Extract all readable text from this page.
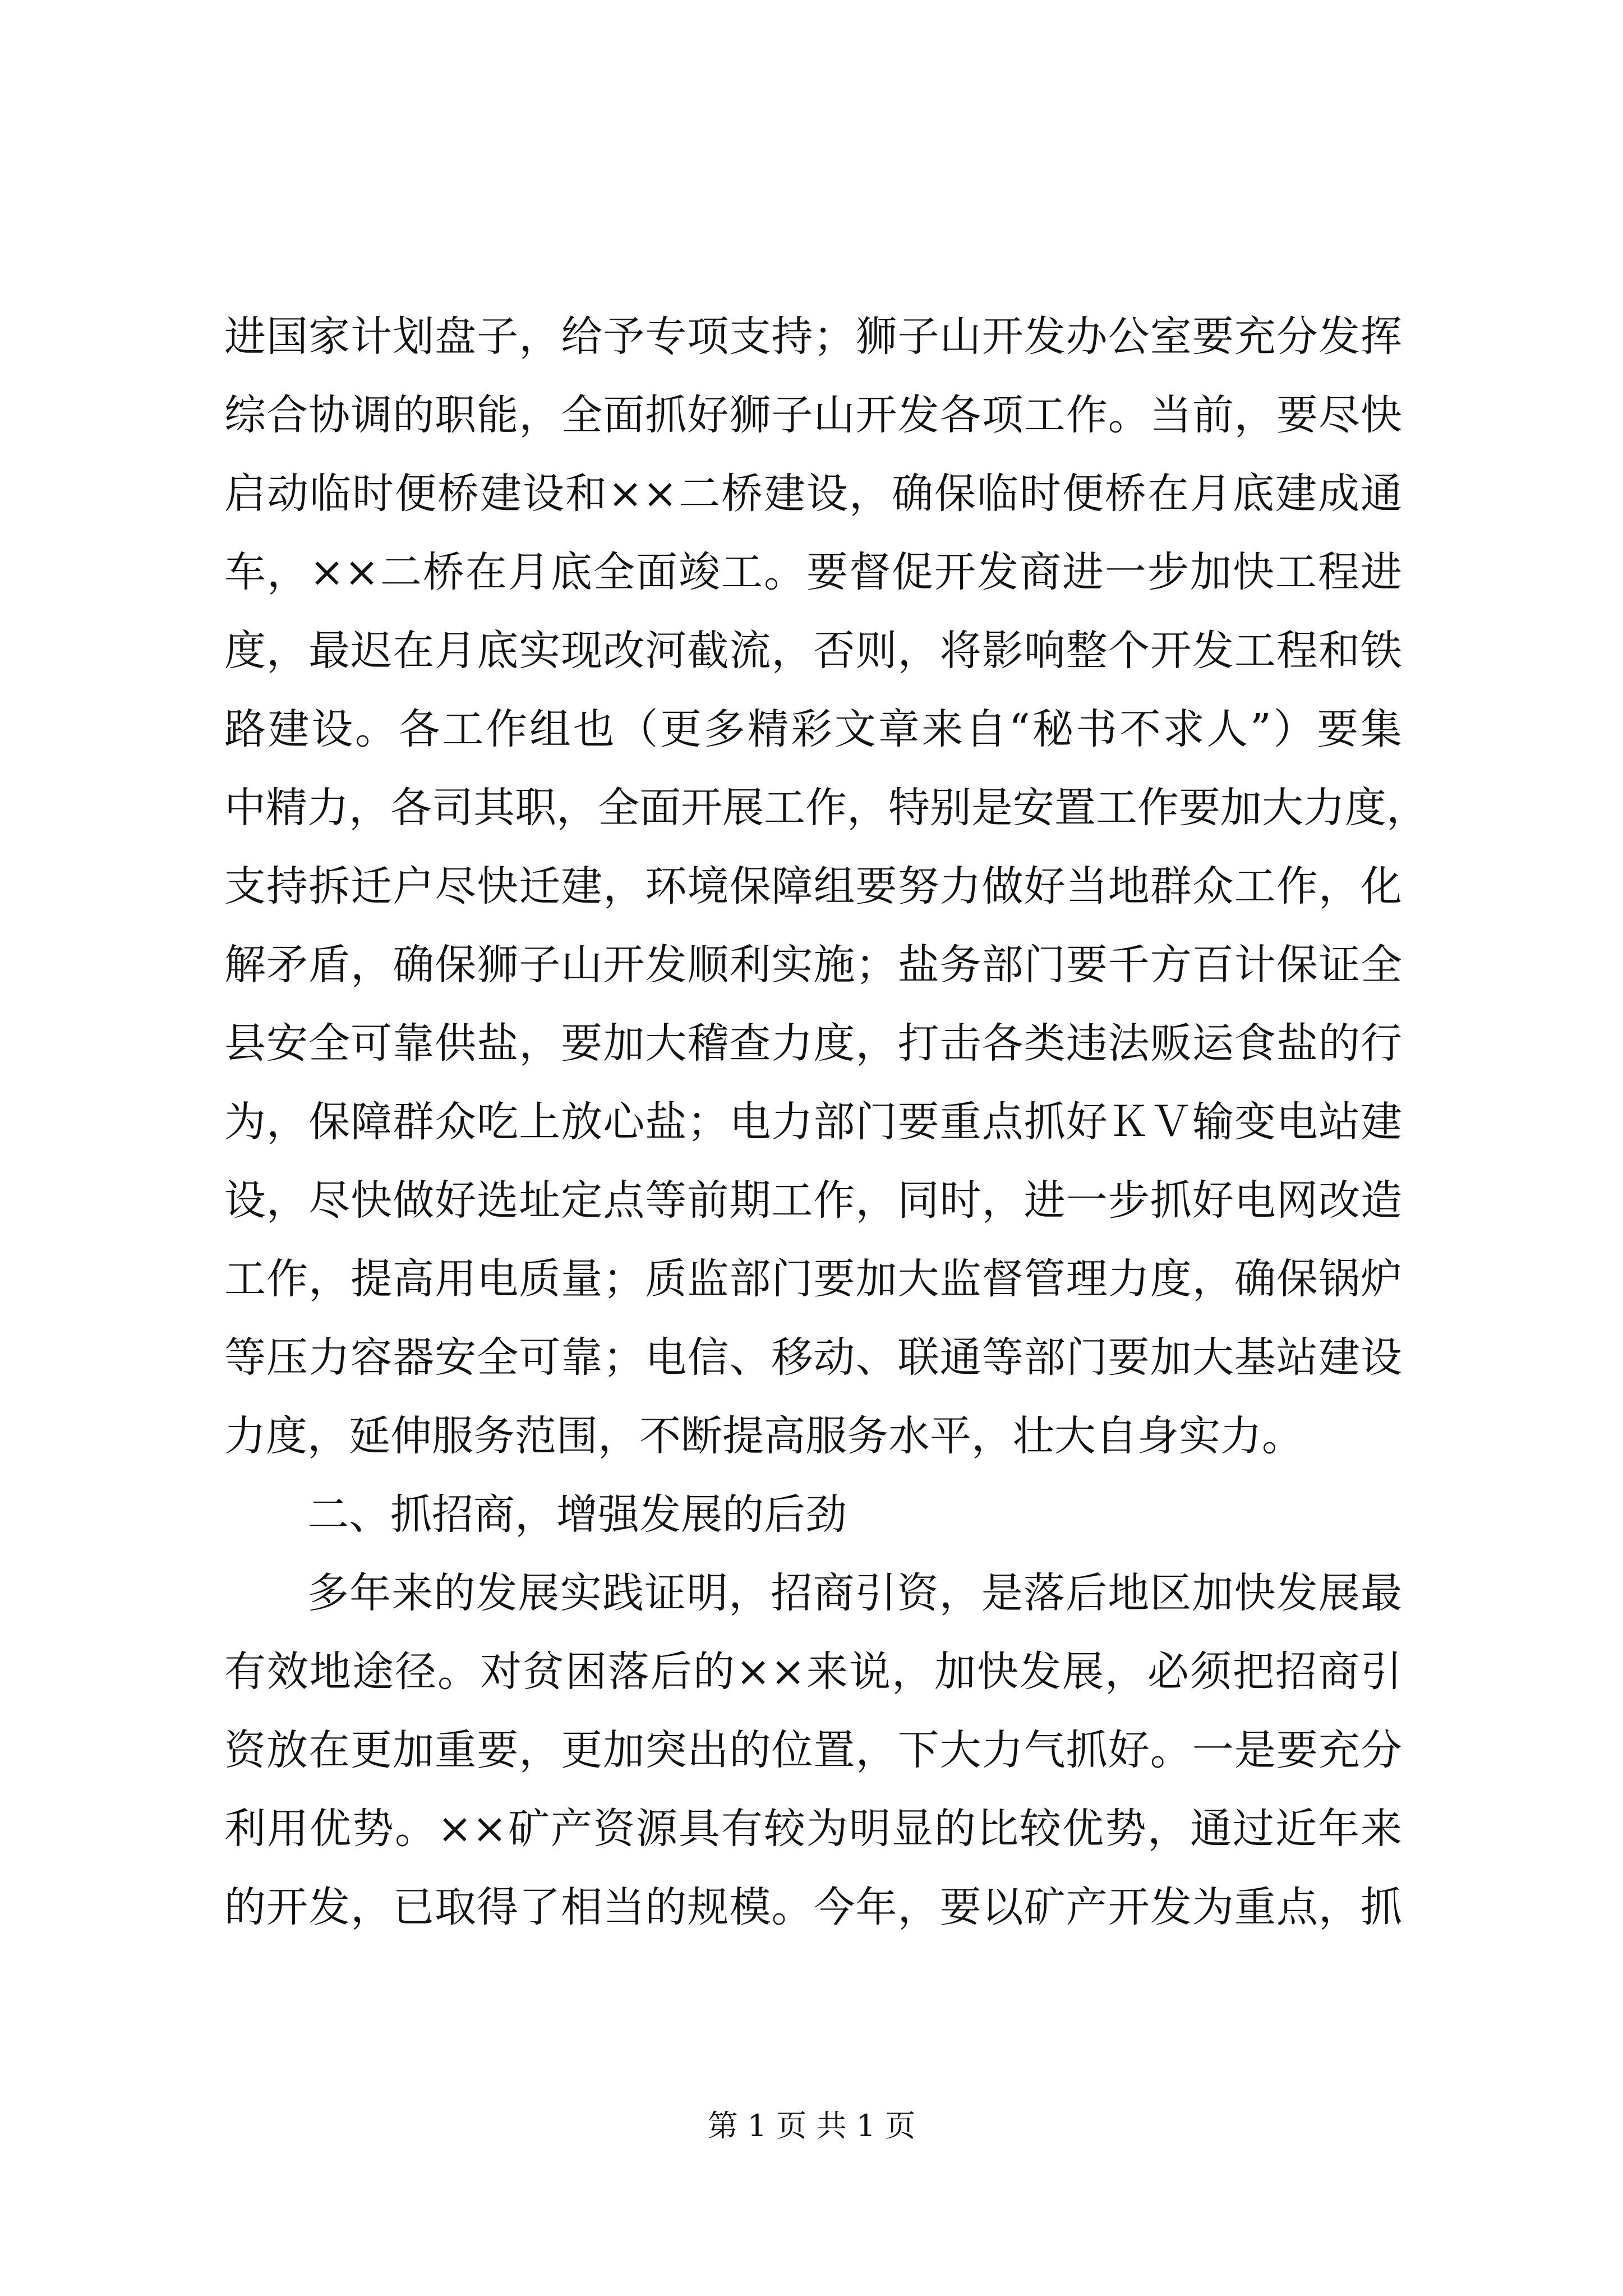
进国家计划盘子，给予专项支持；狮子山开发办公室要充分发挥
综合协调的职能，全面抓好狮子山开发各项工作。当前，要尽快
启动临时便桥建设和××二桥建设，确保临时便桥在月底建成通
车，××二桥在月底全面竣工。要督促开发商进一步加快工程进
度，最迟在月底实现改河截流，否则，将影响整个开发工程和铁
路建设。各工作组也（更多精彩文章来自“秘书不求人”）要集
中精力，各司其职，全面开展工作，特别是安置工作要加大力度，
支持拆迁户尽快迁建，环境保障组要努力做好当地群众工作，化
解矛盾，确保狮子山开发顺利实施；盐务部门要千方百计保证全
县安全可靠供盐，要加大稽查力度，打击各类违法贩运食盐的行
为，保障群众吃上放心盐；电力部门要重点抓好ＫＶ输变电站建
设，尽快做好选址定点等前期工作，同时，进一步抓好电网改造
工作，提高用电质量；质监部门要加大监督管理力度，确保锅炉
等压力容器安全可靠；电信、移动、联通等部门要加大基站建设
力度，延伸服务范围，不断提高服务水平，壮大自身实力。
二、抓招商，增强发展的后劲
多年来的发展实践证明，招商引资，是落后地区加快发展最
有效地途径。对贫困落后的××来说，加快发展，必须把招商引
资放在更加重要，更加突出的位置，下大力气抓好。一是要充分
利用优势。××矿产资源具有较为明显的比较优势，通过近年来
的开发，已取得了相当的规模。今年，要以矿产开发为重点，抓
第 1 页 共 1 页
